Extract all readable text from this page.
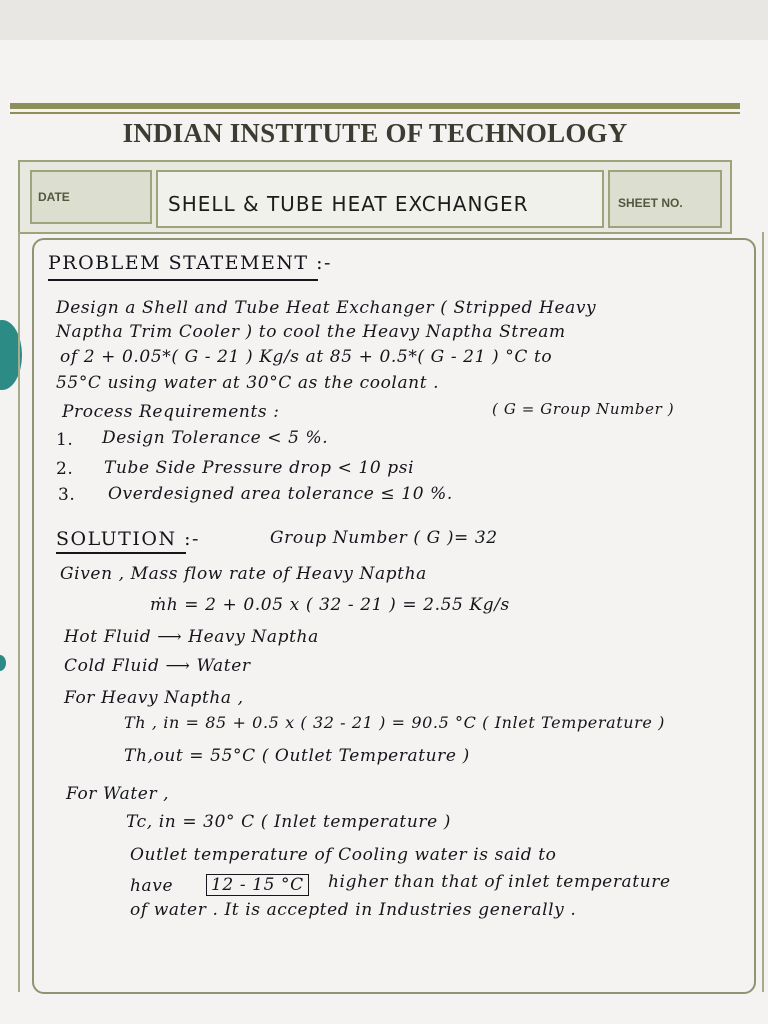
INDIAN INSTITUTE OF TECHNOLOGY
DATE	SHELL & TUBE HEAT EXCHANGER	SHEET NO.
PROBLEM STATEMENT :-
Design a Shell and Tube Heat Exchanger ( Stripped Heavy
Naptha Trim Cooler ) to cool the Heavy Naptha Stream
of 2 + 0.05*( G - 21 ) Kg/s at 85 + 0.5*( G - 21 ) °C to
55°C using water at 30°C as the coolant .
Process Requirements :	( G = Group Number )
1. Design Tolerance < 5 %.
2. Tube Side Pressure drop < 10 psi
3. Overdesigned area tolerance ≤ 10 %.
SOLUTION :-	Group Number ( G )= 32
Given , Mass flow rate of Heavy Naptha
ṁh = 2 + 0.05 x ( 32 - 21 ) = 2.55 Kg/s
Hot Fluid ⟶ Heavy Naptha
Cold Fluid ⟶ Water
For Heavy Naptha ,
Th , in = 85 + 0.5 x ( 32 - 21 ) = 90.5 °C ( Inlet Temperature )
Th,out = 55°C ( Outlet Temperature )
For Water ,
Tc, in = 30° C ( Inlet temperature )
Outlet temperature of Cooling water is said to
have 12 - 15 °C higher than that of inlet temperature
of water . It is accepted in Industries generally .
